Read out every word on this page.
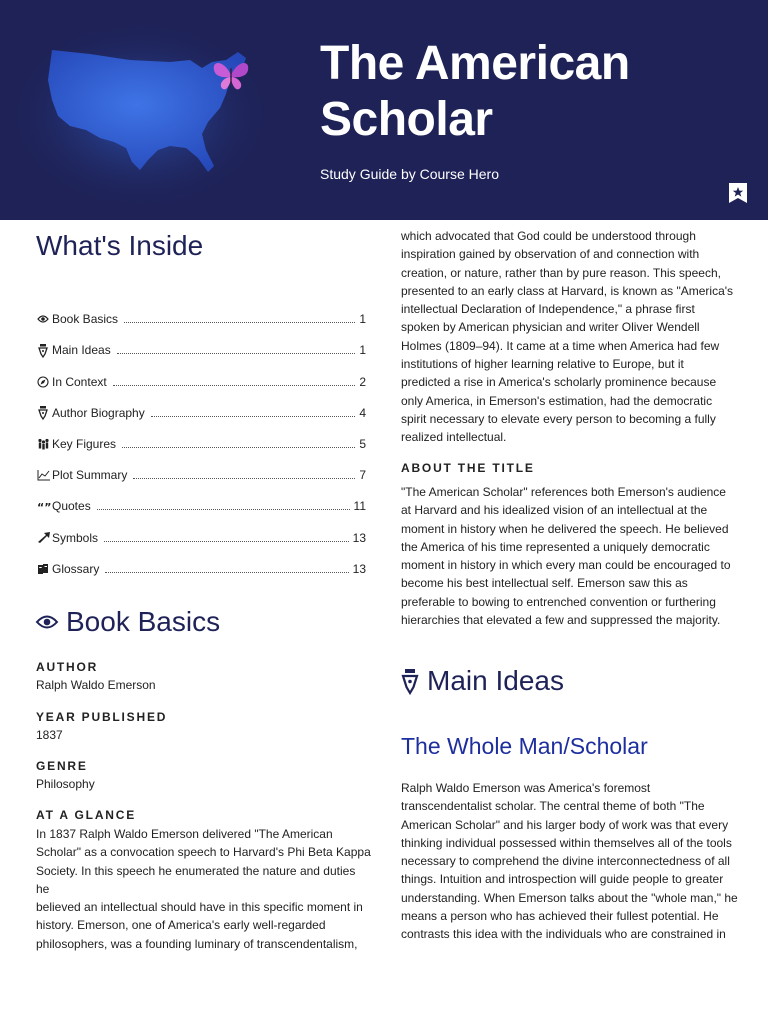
The American
Scholar
Study Guide by Course Hero
What's Inside
Book Basics	1
Main Ideas	1
In Context	2
Author Biography	4
Key Figures	5
Plot Summary	7
“” Quotes	11
Symbols	13
Glossary	13
Book Basics
AUTHOR
Ralph Waldo Emerson
YEAR PUBLISHED
1837
GENRE
Philosophy
AT A GLANCE
In 1837 Ralph Waldo Emerson delivered "The American
Scholar" as a convocation speech to Harvard's Phi Beta Kappa
Society. In this speech he enumerated the nature and duties he
believed an intellectual should have in this specific moment in
history. Emerson, one of America's early well-regarded
philosophers, was a founding luminary of transcendentalism,
which advocated that God could be understood through
inspiration gained by observation of and connection with
creation, or nature, rather than by pure reason. This speech,
presented to an early class at Harvard, is known as "America's
intellectual Declaration of Independence," a phrase first
spoken by American physician and writer Oliver Wendell
Holmes (1809–94). It came at a time when America had few
institutions of higher learning relative to Europe, but it
predicted a rise in America's scholarly prominence because
only America, in Emerson's estimation, had the democratic
spirit necessary to elevate every person to becoming a fully
realized intellectual.
ABOUT THE TITLE
"The American Scholar" references both Emerson's audience
at Harvard and his idealized vision of an intellectual at the
moment in history when he delivered the speech. He believed
the America of his time represented a uniquely democratic
moment in history in which every man could be encouraged to
become his best intellectual self. Emerson saw this as
preferable to bowing to entrenched convention or furthering
hierarchies that elevated a few and suppressed the majority.
Main Ideas
The Whole Man/Scholar
Ralph Waldo Emerson was America's foremost
transcendentalist scholar. The central theme of both "The
American Scholar" and his larger body of work was that every
thinking individual possessed within themselves all of the tools
necessary to comprehend the divine interconnectedness of all
things. Intuition and introspection will guide people to greater
understanding. When Emerson talks about the "whole man," he
means a person who has achieved their fullest potential. He
contrasts this idea with the individuals who are constrained in
